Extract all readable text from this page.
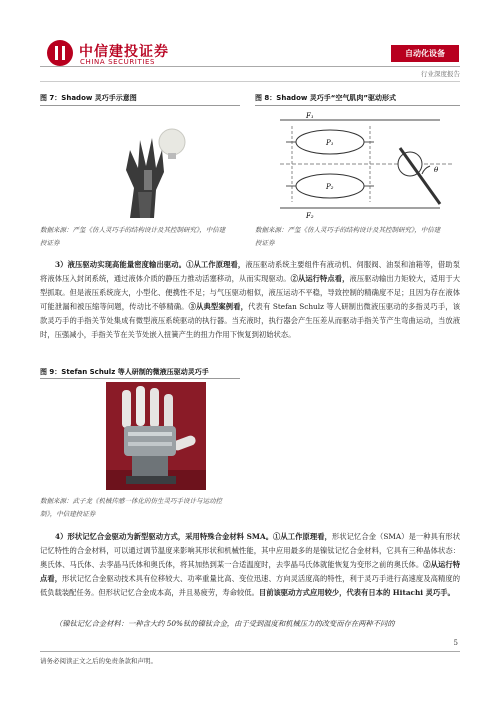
中信建投证券
CHINA SECURITIES
自动化设备
行业深度报告
图 7：Shadow 灵巧手示意图
数据来源：严玺《仿人灵巧手的结构设计及其控制研究》，中信建
投证券
图 8：Shadow 灵巧手“空气肌肉”驱动形式
F₁
F₂
P₁
P₂
θ
数据来源：严玺《仿人灵巧手的结构设计及其控制研究》，中信建
投证券
3）液压驱动实现高能量密度输出驱动。①从工作原理看，液压驱动系统主要组件有液动机、伺服阀、油泵和油箱等，借助泵将液体压入封闭系统，通过液体介质的静压力推动活塞移动，从而实现驱动。②从运行特点看，液压驱动输出力矩较大，适用于大型抓取。但是液压系统庞大，小型化、便携性不足；与气压驱动相似，液压运动不平稳，导致控制的精确度不足；且因为存在液体可能泄漏和被压缩等问题，传动比不够精确。③从典型案例看，代表有 Stefan Schulz 等人研制出微液压驱动的多指灵巧手，该款灵巧手的手指关节处集成有微型液压系统驱动的执行器。当充液时，执行器会产生压差从而驱动手指关节产生弯曲运动，当放液时，压强减小，手指关节在关节处嵌入扭簧产生的扭力作用下恢复到初始状态。
图 9：Stefan Schulz 等人研制的微液压驱动灵巧手
数据来源：武子龙《机械传感一体化的仿生灵巧手设计与运动控
制》，中信建投证券
4）形状记忆合金驱动为新型驱动方式，采用特殊合金材料 SMA。①从工作原理看，形状记忆合金（SMA）是一种具有形状记忆特性的合金材料，可以通过调节温度来影响其形状和机械性能，其中应用最多的是镍钛记忆合金材料，它具有三种晶体状态：奥氏体、马氏体、去孪晶马氏体和奥氏体，将其加热到某一合适温度时，去孪晶马氏体就能恢复为变形之前的奥氏体。②从运行特点看，形状记忆合金驱动技术具有位移较大、功率重量比高、变位迅速、方向灵活度高的特性，利于灵巧手进行高速度及高精度的低负载装配任务。但形状记忆合金成本高，并且易疲劳，寿命较低。目前该驱动方式应用较少，代表有日本的 Hitachi 灵巧手。
（镍钛记忆合金材料：一种含大约 50%钛的镍钛合金，由于受到温度和机械压力的改变而存在两种不同的
5
请务必阅读正文之后的免责条款和声明。
